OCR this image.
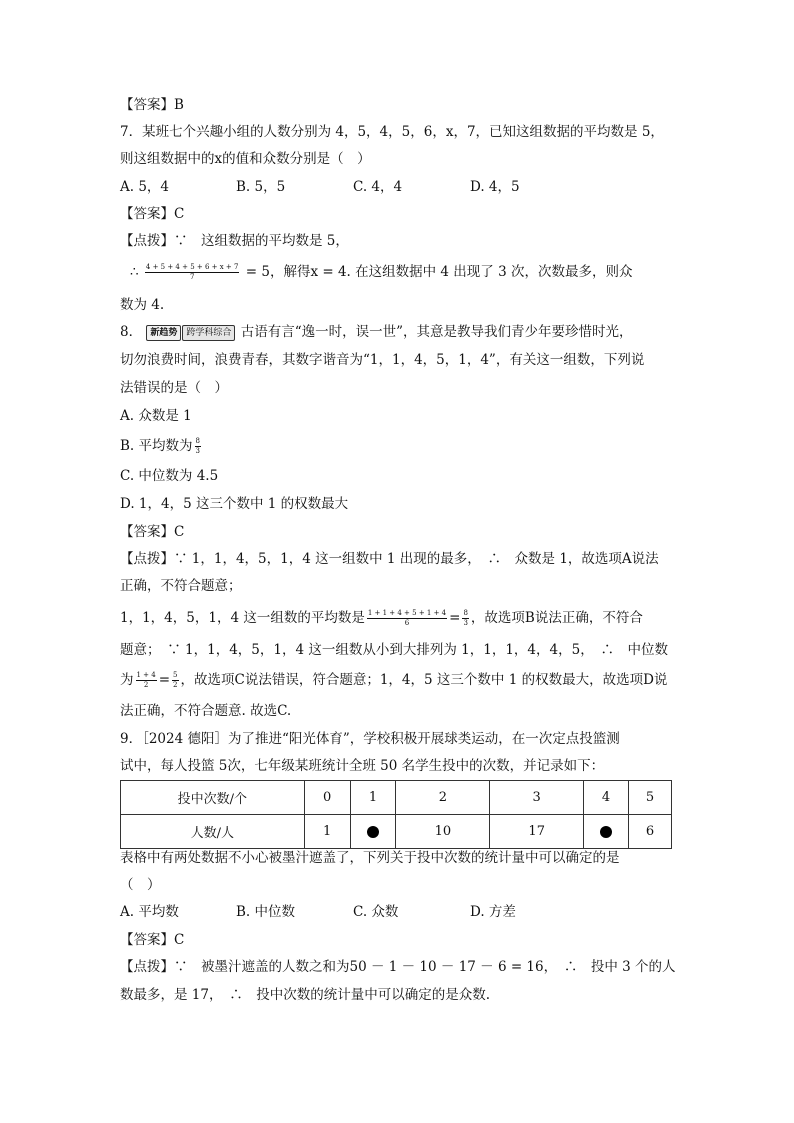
【答案】B
7．某班七个兴趣小组的人数分别为 4，5，4，5，6，x，7，已知这组数据的平均数是 5，
则这组数据中的x的值和众数分别是（　）
A. 5，4	B. 5，5	C. 4，4	D. 4，5
【答案】C
【点拨】∵　这组数据的平均数是 5，
∴ $\frac{4 + 5 + 4 + 5 + 6 + x + 7}{7} = 5$，解得x = 4. 在这组数据中 4 出现了 3 次，次数最多，则众
数为 4.
8． 新趋势 跨学科综合 古语有言“逸一时，误一世”，其意是教导我们青少年要珍惜时光，
切勿浪费时间，浪费青春，其数字谐音为“1，1，4，5，1，4”，有关这一组数，下列说
法错误的是（　）
A. 众数是 1
B. 平均数为 $\frac{8}{3}$
C. 中位数为 4.5
D. 1，4，5 这三个数中 1 的权数最大
【答案】C
【点拨】∵ 1，1，4，5，1，4 这一组数中 1 出现的最多，　∴　众数是 1，故选项A说法
正确，不符合题意；
1，1，4，5，1，4 这一组数的平均数是 $\frac{1 + 1 + 4 + 5 + 1 + 4}{6} = \frac{8}{3}$ ，故选项B说法正确，不符合
题意；　∵ 1，1，4，5，1，4 这一组数从小到大排列为 1，1，1，4，4，5，　∴　中位数
为 $\frac{1 + 4}{2} = \frac{5}{2}$ ，故选项C说法错误，符合题意；1，4，5 这三个数中 1 的权数最大，故选项D说
法正确，不符合题意. 故选C.
9．［2024 德阳］为了推进“阳光体育”，学校积极开展球类运动，在一次定点投篮测
试中，每人投篮 5次，七年级某班统计全班 50 名学生投中的次数，并记录如下：
投中次数/个	0	1	2	3	4	5
人数/人	1		10	17		6
表格中有两处数据不小心被墨汁遮盖了，下列关于投中次数的统计量中可以确定的是
（　）
A. 平均数	B. 中位数	C. 众数	D. 方差
【答案】C
【点拨】∵　被墨汁遮盖的人数之和为50 － 1 － 10 － 17 － 6 = 16，　∴　投中 3 个的人
数最多，是 17，　∴　投中次数的统计量中可以确定的是众数.
